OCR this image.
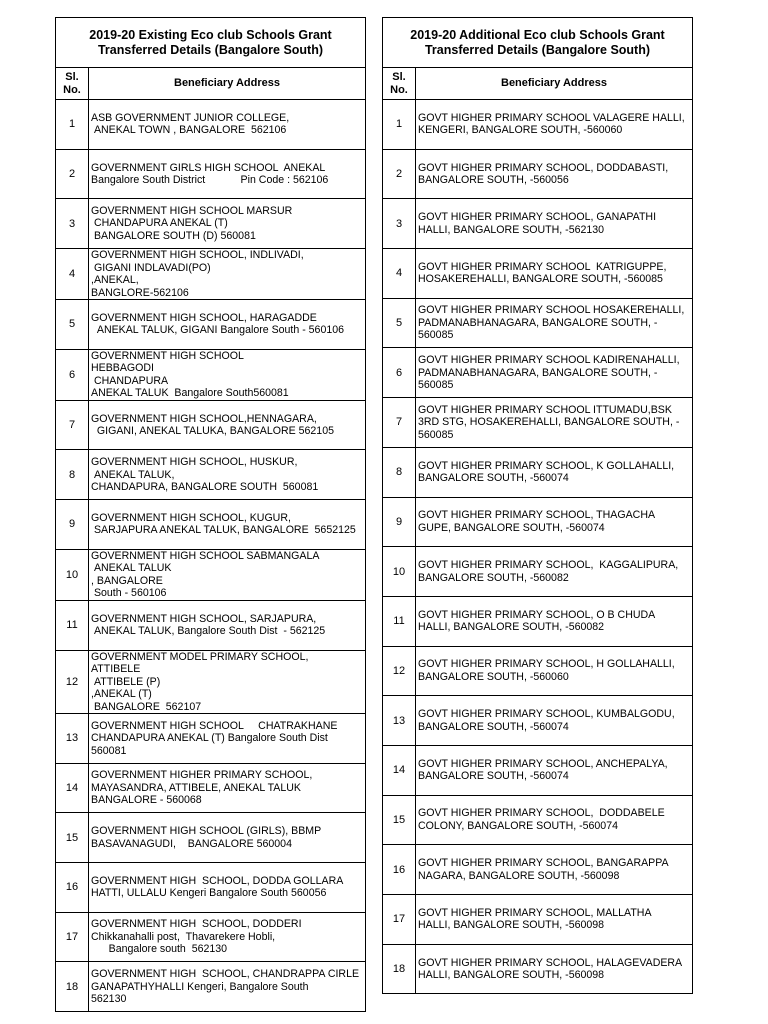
2019-20 Existing Eco club Schools Grant Transferred Details (Bangalore South)	
Sl.
No.	Beneficiary Address
1	ASB GOVERNMENT JUNIOR COLLEGE,
ANEKAL TOWN , BANGALORE  562106
2	GOVERNMENT GIRLS HIGH SCHOOL  ANEKAL
Bangalore South District            Pin Code : 562106
3	GOVERNMENT HIGH SCHOOL MARSUR
CHANDAPURA ANEKAL (T)
BANGALORE SOUTH (D) 560081
4	GOVERNMENT HIGH SCHOOL, INDLIVADI,
GIGANI INDLAVADI(PO)
,ANEKAL,
BANGLORE-562106
5	GOVERNMENT HIGH SCHOOL, HARAGADDE
ANEKAL TALUK, GIGANI Bangalore South - 560106
6	GOVERNMENT HIGH SCHOOL
HEBBAGODI
CHANDAPURA
ANEKAL TALUK  Bangalore South560081
7	GOVERNMENT HIGH SCHOOL,HENNAGARA,
GIGANI, ANEKAL TALUKA, BANGALORE 562105
8	GOVERNMENT HIGH SCHOOL, HUSKUR,
ANEKAL TALUK,
CHANDAPURA, BANGALORE SOUTH  560081
9	GOVERNMENT HIGH SCHOOL, KUGUR,
SARJAPURA ANEKAL TALUK, BANGALORE  5652125
10	GOVERNMENT HIGH SCHOOL SABMANGALA
ANEKAL TALUK
, BANGALORE
South - 560106
11	GOVERNMENT HIGH SCHOOL, SARJAPURA,
ANEKAL TALUK, Bangalore South Dist  - 562125
12	GOVERNMENT MODEL PRIMARY SCHOOL,
ATTIBELE
ATTIBELE (P)
,ANEKAL (T)
BANGALORE  562107
13	GOVERNMENT HIGH SCHOOL     CHATRAKHANE
CHANDAPURA ANEKAL (T) Bangalore South Dist
560081
14	GOVERNMENT HIGHER PRIMARY SCHOOL,
MAYASANDRA, ATTIBELE, ANEKAL TALUK
BANGALORE - 560068
15	GOVERNMENT HIGH SCHOOL (GIRLS), BBMP
BASAVANAGUDI,    BANGALORE 560004
16	GOVERNMENT HIGH  SCHOOL, DODDA GOLLARA
HATTI, ULLALU Kengeri Bangalore South 560056
17	GOVERNMENT HIGH  SCHOOL, DODDERI
Chikkanahalli post,  Thavarekere Hobli,
Bangalore south  562130
18	GOVERNMENT HIGH  SCHOOL, CHANDRAPPA CIRLE
GANAPATHYHALLI Kengeri, Bangalore South
562130
2019-20 Additional Eco club Schools Grant Transferred Details (Bangalore South)	
Sl.
No.	Beneficiary Address
1	GOVT HIGHER PRIMARY SCHOOL VALAGERE HALLI,
KENGERI, BANGALORE SOUTH, -560060
2	GOVT HIGHER PRIMARY SCHOOL, DODDABASTI,
BANGALORE SOUTH, -560056
3	GOVT HIGHER PRIMARY SCHOOL, GANAPATHI
HALLI, BANGALORE SOUTH, -562130
4	GOVT HIGHER PRIMARY SCHOOL  KATRIGUPPE,
HOSAKEREHALLI, BANGALORE SOUTH, -560085
5	GOVT HIGHER PRIMARY SCHOOL HOSAKEREHALLI,
PADMANABHANAGARA, BANGALORE SOUTH, -
560085
6	GOVT HIGHER PRIMARY SCHOOL KADIRENAHALLI,
PADMANABHANAGARA, BANGALORE SOUTH, -
560085
7	GOVT HIGHER PRIMARY SCHOOL ITTUMADU,BSK
3RD STG, HOSAKEREHALLI, BANGALORE SOUTH, -
560085
8	GOVT HIGHER PRIMARY SCHOOL, K GOLLAHALLI,
BANGALORE SOUTH, -560074
9	GOVT HIGHER PRIMARY SCHOOL, THAGACHA
GUPE, BANGALORE SOUTH, -560074
10	GOVT HIGHER PRIMARY SCHOOL,  KAGGALIPURA,
BANGALORE SOUTH, -560082
11	GOVT HIGHER PRIMARY SCHOOL, O B CHUDA
HALLI, BANGALORE SOUTH, -560082
12	GOVT HIGHER PRIMARY SCHOOL, H GOLLAHALLI,
BANGALORE SOUTH, -560060
13	GOVT HIGHER PRIMARY SCHOOL, KUMBALGODU,
BANGALORE SOUTH, -560074
14	GOVT HIGHER PRIMARY SCHOOL, ANCHEPALYA,
BANGALORE SOUTH, -560074
15	GOVT HIGHER PRIMARY SCHOOL,  DODDABELE
COLONY, BANGALORE SOUTH, -560074
16	GOVT HIGHER PRIMARY SCHOOL, BANGARAPPA
NAGARA, BANGALORE SOUTH, -560098
17	GOVT HIGHER PRIMARY SCHOOL, MALLATHA
HALLI, BANGALORE SOUTH, -560098
18	GOVT HIGHER PRIMARY SCHOOL, HALAGEVADERA
HALLI, BANGALORE SOUTH, -560098
